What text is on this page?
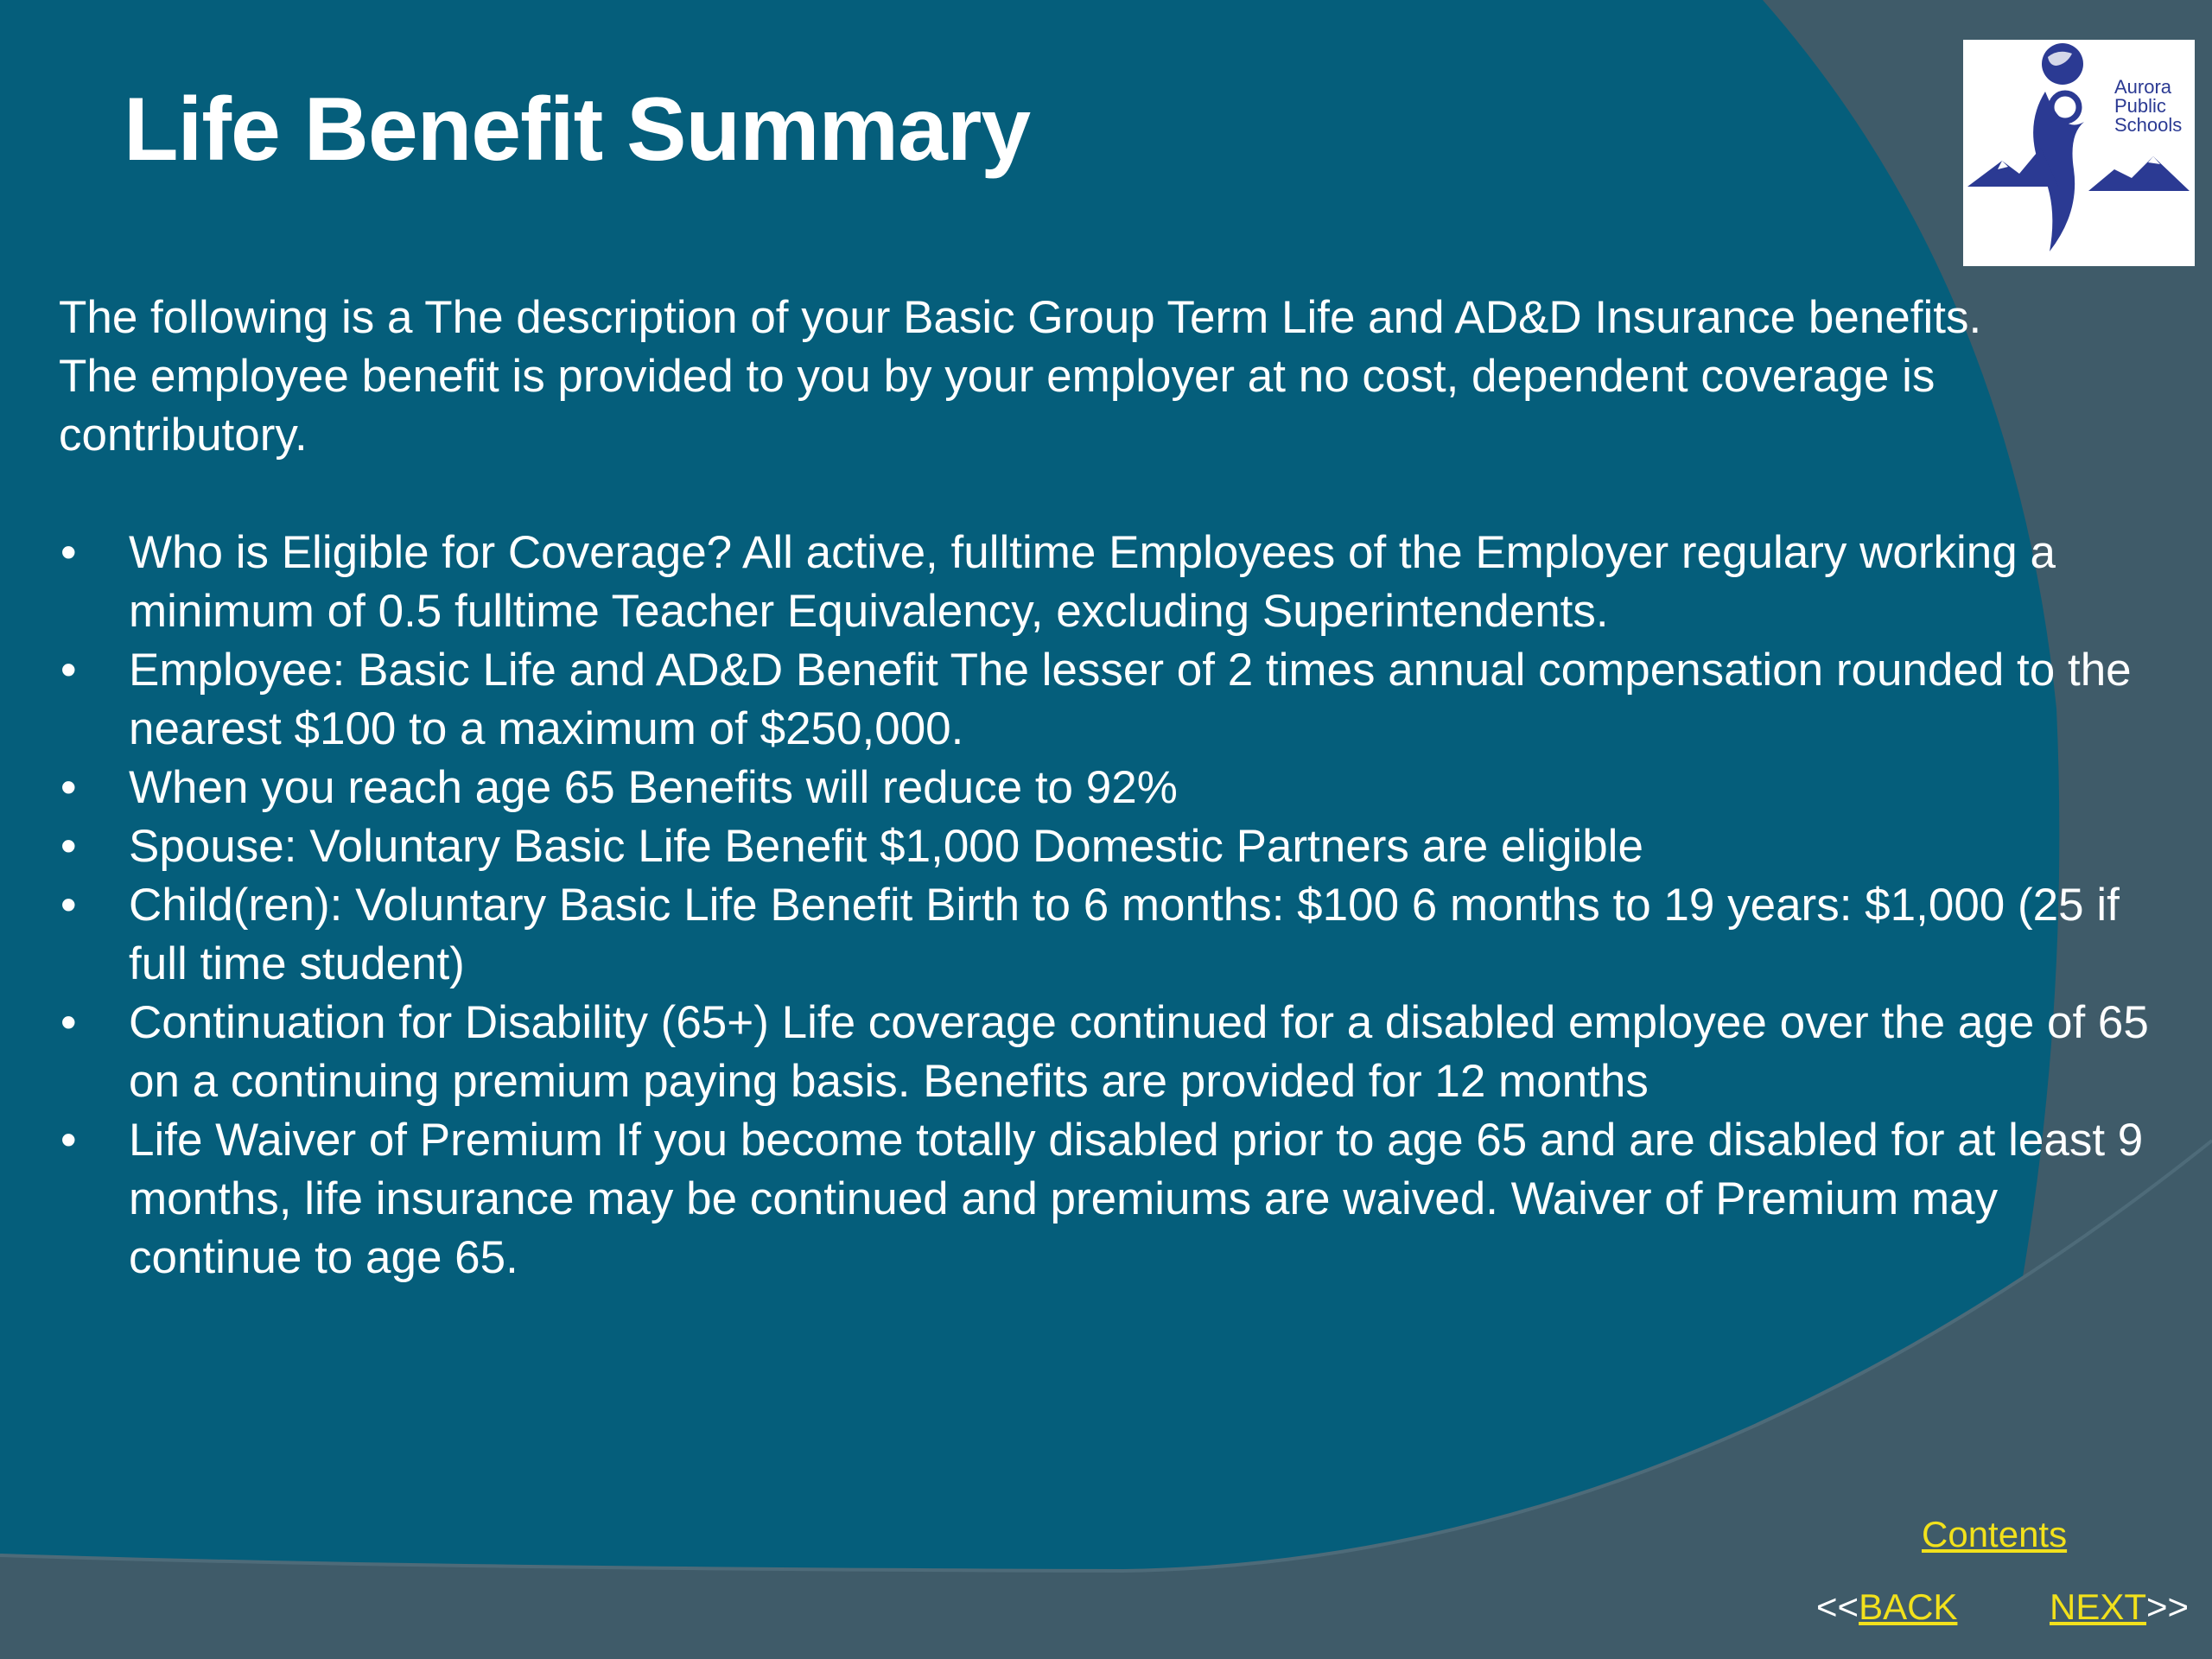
Life Benefit Summary	Aurora
Public
Schools

The following is a The description of your Basic Group Term Life and AD&D Insurance benefits. The employee benefit is provided to you by your employer at no cost, dependent coverage is contributory.

• Who is Eligible for Coverage? All active, fulltime Employees of the Employer regulary working a minimum of 0.5 fulltime Teacher Equivalency, excluding Superintendents.
• Employee: Basic Life and AD&D Benefit The lesser of 2 times annual compensation rounded to the nearest $100 to a maximum of $250,000.
• When you reach age 65 Benefits will reduce to 92%
• Spouse: Voluntary Basic Life Benefit $1,000 Domestic Partners are eligible
• Child(ren): Voluntary Basic Life Benefit Birth to 6 months: $100 6 months to 19 years: $1,000 (25 if full time student)
• Continuation for Disability (65+) Life coverage continued for a disabled employee over the age of 65 on a continuing premium paying basis. Benefits are provided for 12 months
• Life Waiver of Premium If you become totally disabled prior to age 65 and are disabled for at least 9 months, life insurance may be continued and premiums are waived. Waiver of Premium may continue to age 65.
Contents
<<BACK	NEXT>>
